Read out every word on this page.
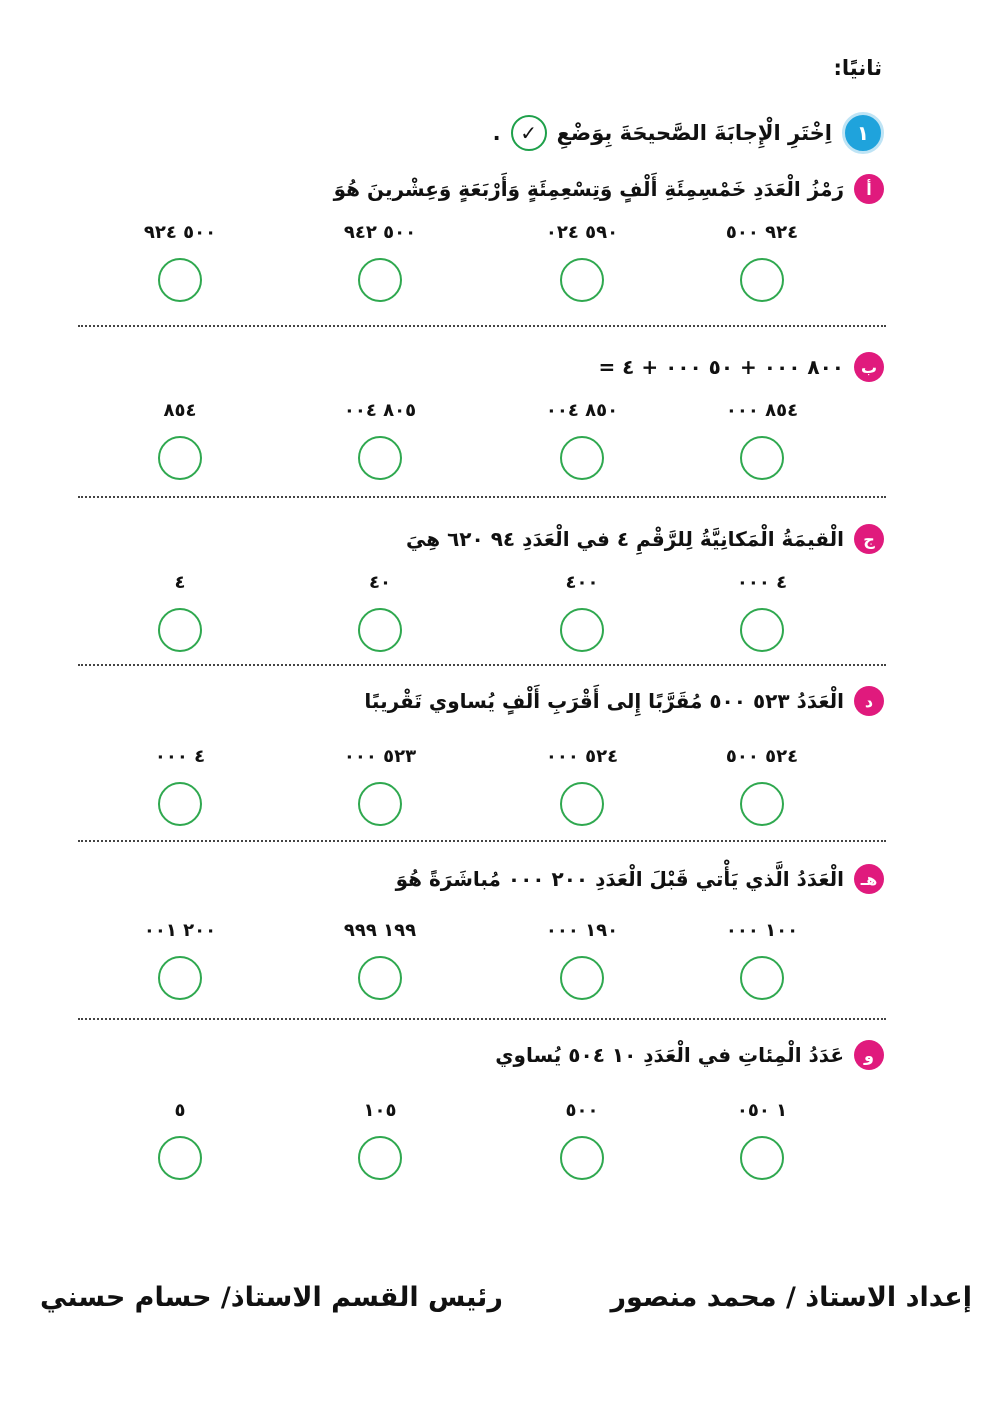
ثانيًا:
١
اِخْتَرِ الْإِجابَةَ الصَّحيحَةَ بِوَضْعِ
✓
.
أ
رَمْزُ الْعَدَدِ خَمْسِمِئَةِ أَلْفٍ وَتِسْعِمِئَةٍ وَأَرْبَعَةٍ وَعِشْرينَ هُوَ
٩٢٤ ٥٠٠
٥٩٠ ٠٢٤
٥٠٠ ٩٤٢
٥٠٠ ٩٢٤
ب
٨٠٠ ٠٠٠ + ٥٠ ٠٠٠ + ٤ =
٨٥٤ ٠٠٠
٨٥٠ ٠٠٤
٨٠٥ ٠٠٤
٨٥٤
ج
الْقيمَةُ الْمَكانِيَّةُ لِلرَّقْمِ ٤ في الْعَدَدِ ٩٤ ٦٢٠ هِيَ
٤ ٠٠٠
٤٠٠
٤٠
٤
د
الْعَدَدُ ٥٢٣ ٥٠٠ مُقَرَّبًا إِلى أَقْرَبِ أَلْفٍ يُساوي تَقْريبًا
٥٢٤ ٥٠٠
٥٢٤ ٠٠٠
٥٢٣ ٠٠٠
٤ ٠٠٠
هـ
الْعَدَدُ الَّذي يَأْتي قَبْلَ الْعَدَدِ ٢٠٠ ٠٠٠ مُباشَرَةً هُوَ
١٠٠ ٠٠٠
١٩٠ ٠٠٠
١٩٩ ٩٩٩
٢٠٠ ٠٠١
و
عَدَدُ الْمِئاتِ في الْعَدَدِ ١٠ ٥٠٤ يُساوي
١ ٠٥٠
٥٠٠
١٠٥
٥
إعداد الاستاذ / محمد منصور
رئيس القسم الاستاذ/ حسام حسني
